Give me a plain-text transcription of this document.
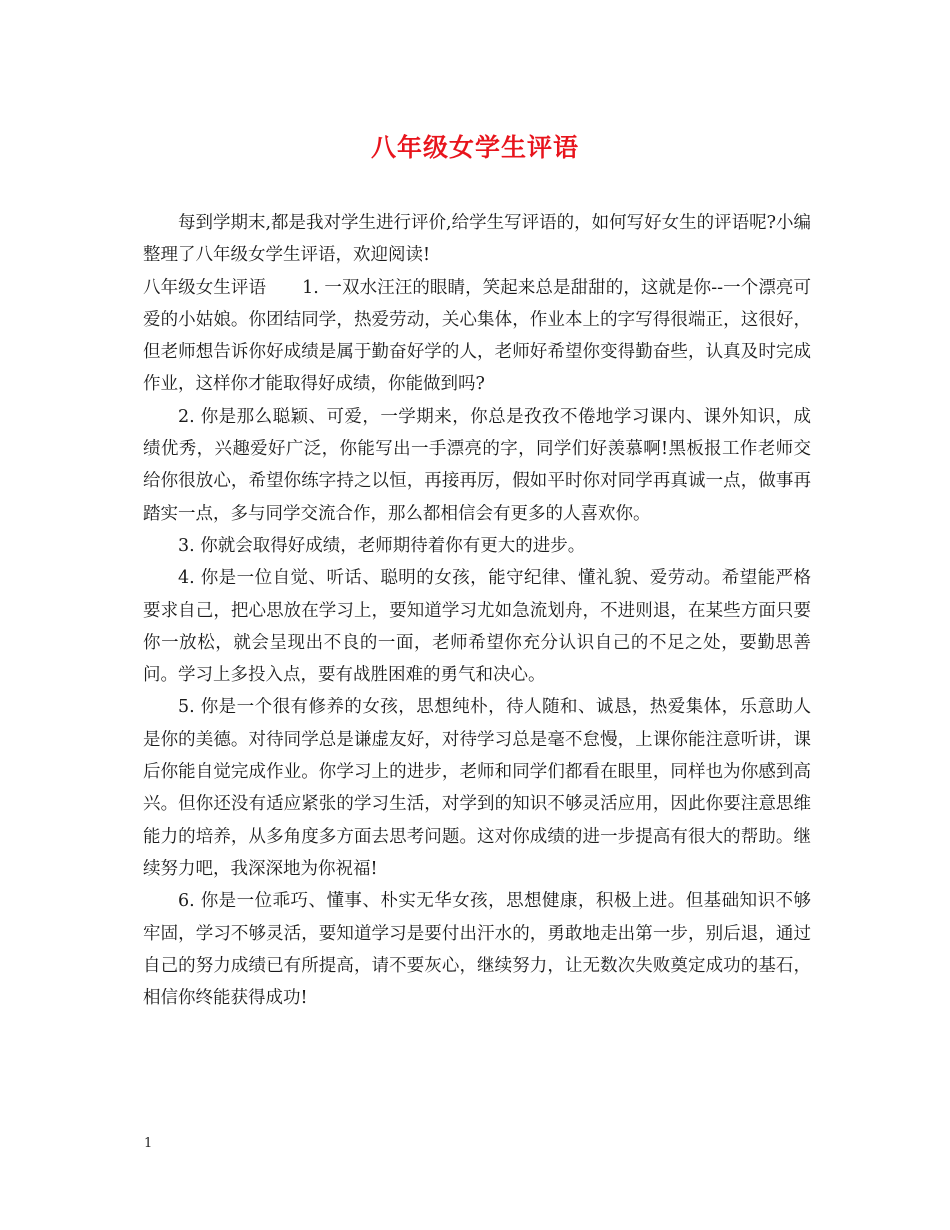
八年级女学生评语

每到学期末,都是我对学生进行评价,给学生写评语的，如何写好女生的评语呢?小编整理了八年级女学生评语，欢迎阅读!

八年级女生评语 1. 一双水汪汪的眼睛，笑起来总是甜甜的，这就是你--一个漂亮可爱的小姑娘。你团结同学，热爱劳动，关心集体，作业本上的字写得很端正，这很好，但老师想告诉你好成绩是属于勤奋好学的人，老师好希望你变得勤奋些，认真及时完成作业，这样你才能取得好成绩，你能做到吗?

2. 你是那么聪颖、可爱，一学期来，你总是孜孜不倦地学习课内、课外知识，成绩优秀，兴趣爱好广泛，你能写出一手漂亮的字，同学们好羡慕啊!黑板报工作老师交给你很放心，希望你练字持之以恒，再接再厉，假如平时你对同学再真诚一点，做事再踏实一点，多与同学交流合作，那么都相信会有更多的人喜欢你。

3. 你就会取得好成绩，老师期待着你有更大的进步。

4. 你是一位自觉、听话、聪明的女孩，能守纪律、懂礼貌、爱劳动。希望能严格要求自己，把心思放在学习上，要知道学习尤如急流划舟，不进则退，在某些方面只要你一放松，就会呈现出不良的一面，老师希望你充分认识自己的不足之处，要勤思善问。学习上多投入点，要有战胜困难的勇气和决心。

5. 你是一个很有修养的女孩，思想纯朴，待人随和、诚恳，热爱集体，乐意助人是你的美德。对待同学总是谦虚友好，对待学习总是毫不怠慢，上课你能注意听讲，课后你能自觉完成作业。你学习上的进步，老师和同学们都看在眼里，同样也为你感到高兴。但你还没有适应紧张的学习生活，对学到的知识不够灵活应用，因此你要注意思维能力的培养，从多角度多方面去思考问题。这对你成绩的进一步提高有很大的帮助。继续努力吧，我深深地为你祝福!

6. 你是一位乖巧、懂事、朴实无华女孩，思想健康，积极上进。但基础知识不够牢固，学习不够灵活，要知道学习是要付出汗水的，勇敢地走出第一步，别后退，通过自己的努力成绩已有所提高，请不要灰心，继续努力，让无数次失败奠定成功的基石，相信你终能获得成功!

1
